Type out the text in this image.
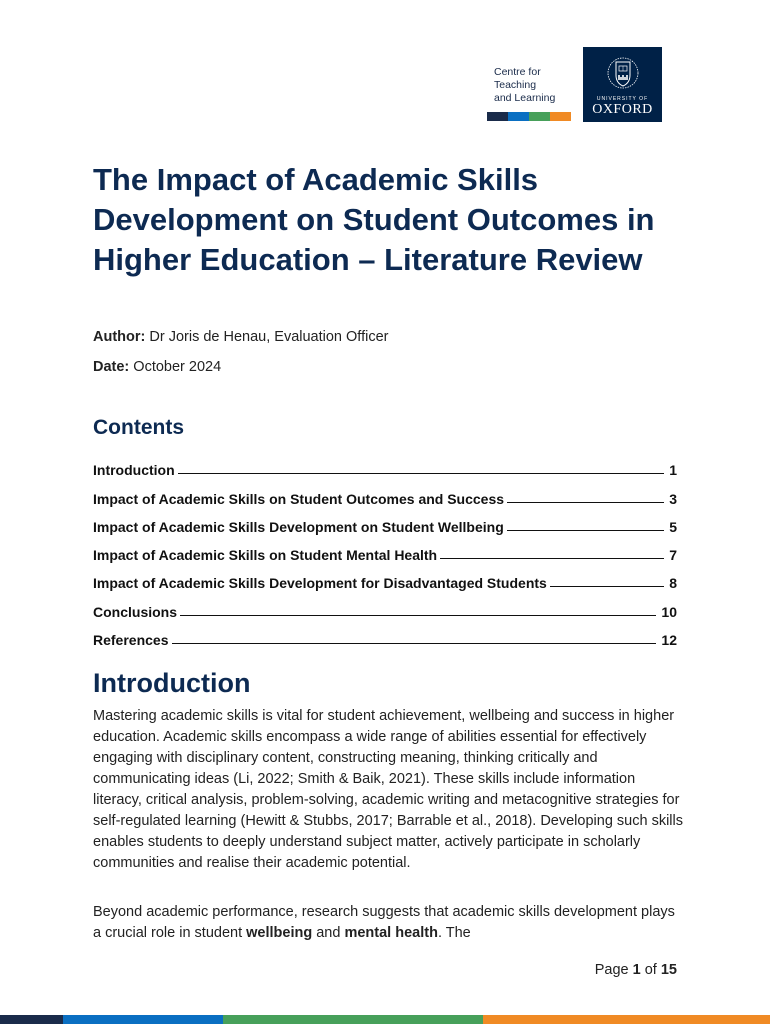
Centre for
Teaching
and Learning	UNIVERSITY OF
OXFORD
The Impact of Academic Skills Development on Student Outcomes in Higher Education – Literature Review
Author: Dr Joris de Henau, Evaluation Officer
Date: October 2024
Contents
Introduction	1
Impact of Academic Skills on Student Outcomes and Success	3
Impact of Academic Skills Development on Student Wellbeing	5
Impact of Academic Skills on Student Mental Health	7
Impact of Academic Skills Development for Disadvantaged Students	8
Conclusions	10
References	12
Introduction

Mastering academic skills is vital for student achievement, wellbeing and success in higher education. Academic skills encompass a wide range of abilities essential for effectively engaging with disciplinary content, constructing meaning, thinking critically and communicating ideas (Li, 2022; Smith & Baik, 2021). These skills include information literacy, critical analysis, problem-solving, academic writing and metacognitive strategies for self-regulated learning (Hewitt & Stubbs, 2017; Barrable et al., 2018). Developing such skills enables students to deeply understand subject matter, actively participate in scholarly communities and realise their academic potential.

Beyond academic performance, research suggests that academic skills development plays a crucial role in student wellbeing and mental health. The

Page 1 of 15
